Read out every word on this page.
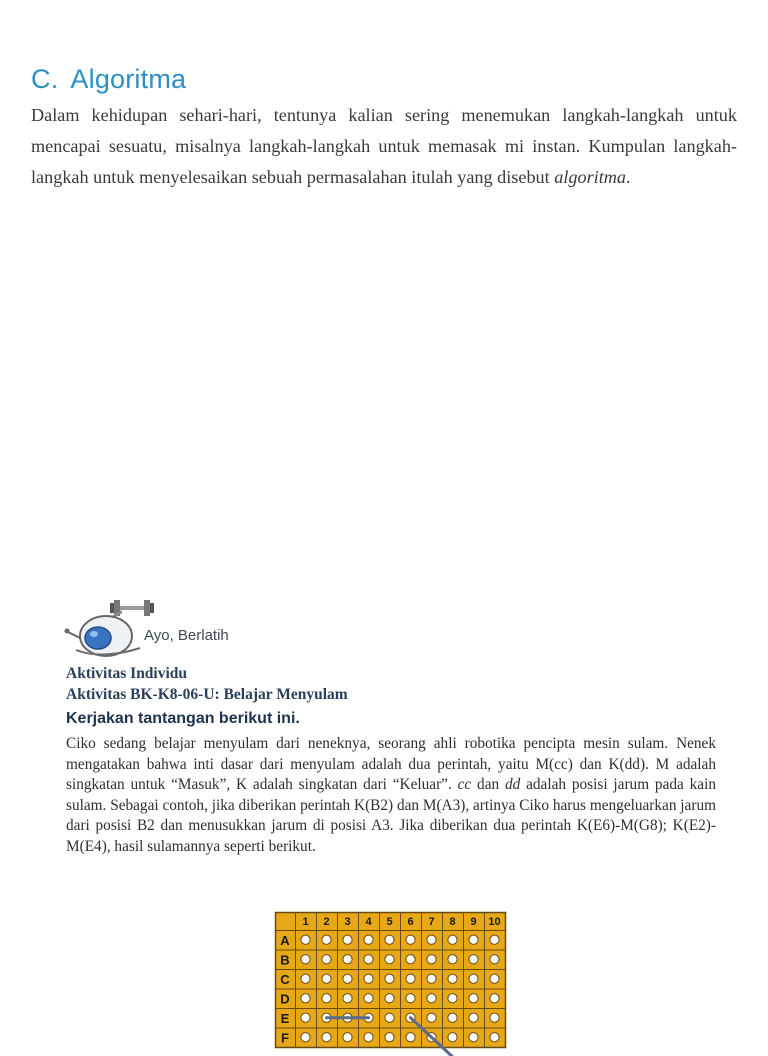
C. Algoritma

Dalam kehidupan sehari-hari, tentunya kalian sering menemukan langkah-langkah untuk mencapai sesuatu, misalnya langkah-langkah untuk memasak mi instan. Kumpulan langkah-langkah untuk menyelesaikan sebuah permasalahan itulah yang disebut algoritma.

Ayo, Berlatih
Aktivitas Individu
Aktivitas BK-K8-06-U: Belajar Menyulam
Kerjakan tantangan berikut ini.

Ciko sedang belajar menyulam dari neneknya, seorang ahli robotika pencipta mesin sulam. Nenek mengatakan bahwa inti dasar dari menyulam adalah dua perintah, yaitu M(cc) dan K(dd). M adalah singkatan untuk “Masuk”, K adalah singkatan dari “Keluar”. cc dan dd adalah posisi jarum pada kain sulam. Sebagai contoh, jika diberikan perintah K(B2) dan M(A3), artinya Ciko harus mengeluarkan jarum dari posisi B2 dan menusukkan jarum di posisi A3. Jika diberikan dua perintah K(E6)-M(G8); K(E2)-M(E4), hasil sulamannya seperti berikut.

1 2 3 4 5 6 7 8 9 10
A
B
C
D
E
F
